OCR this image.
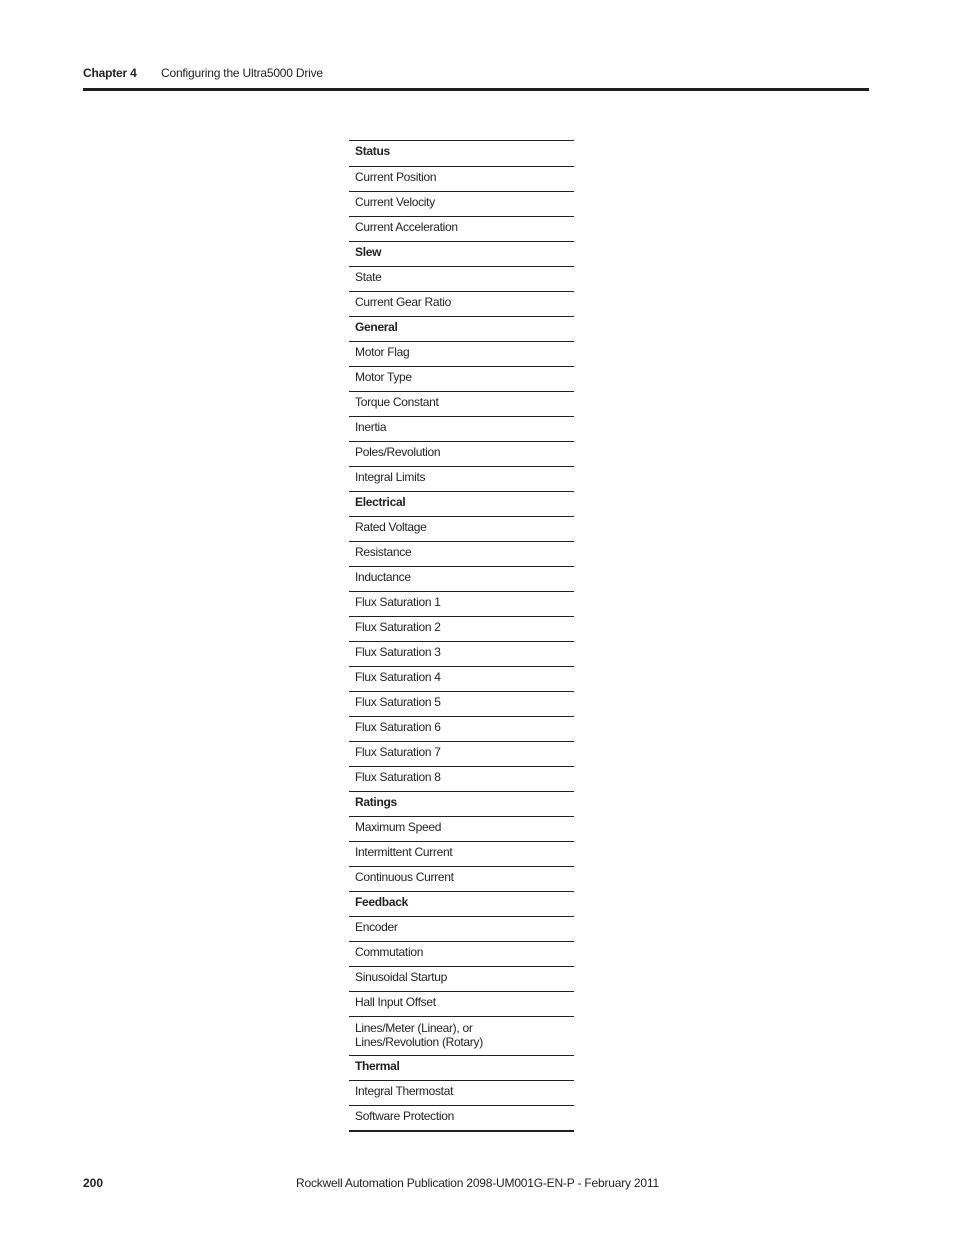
Chapter 4	Configuring the Ultra5000 Drive
Status
Current Position
Current Velocity
Current Acceleration
Slew
State
Current Gear Ratio
General
Motor Flag
Motor Type
Torque Constant
Inertia
Poles/Revolution
Integral Limits
Electrical
Rated Voltage
Resistance
Inductance
Flux Saturation 1
Flux Saturation 2
Flux Saturation 3
Flux Saturation 4
Flux Saturation 5
Flux Saturation 6
Flux Saturation 7
Flux Saturation 8
Ratings
Maximum Speed
Intermittent Current
Continuous Current
Feedback
Encoder
Commutation
Sinusoidal Startup
Hall Input Offset
Lines/Meter (Linear), or
Lines/Revolution (Rotary)
Thermal
Integral Thermostat
Software Protection
200	Rockwell Automation Publication 2098-UM001G-EN-P - February 2011
